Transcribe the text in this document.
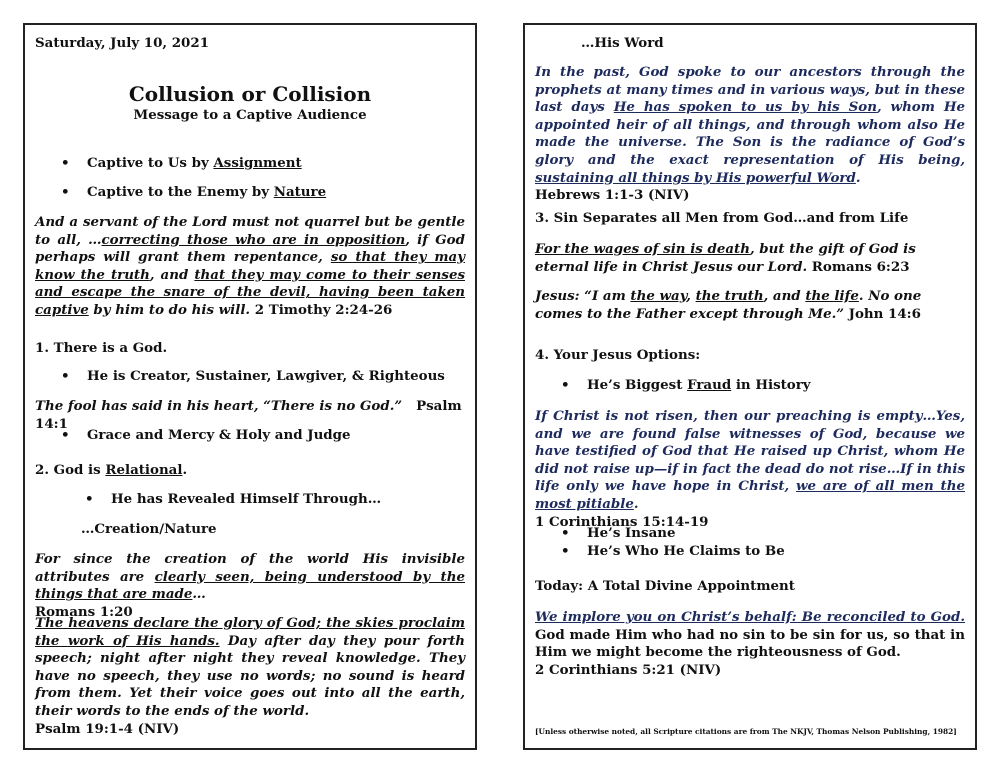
Saturday, July 10, 2021
Collusion or Collision
Message to a Captive Audience
• Captive to Us by Assignment
• Captive to the Enemy by Nature
And a servant of the Lord must not quarrel but be gentle to all, …correcting those who are in opposition, if God perhaps will grant them repentance, so that they may know the truth, and that they may come to their senses and escape the snare of the devil, having been taken captive by him to do his will. 2 Timothy 2:24-26
1. There is a God.
• He is Creator, Sustainer, Lawgiver, & Righteous
The fool has said in his heart, “There is no God.” Psalm 14:1
• Grace and Mercy & Holy and Judge
2. God is Relational.
• He has Revealed Himself Through…
…Creation/Nature
For since the creation of the world His invisible attributes are clearly seen, being understood by the things that are made…
Romans 1:20
The heavens declare the glory of God; the skies proclaim the work of His hands. Day after day they pour forth speech; night after night they reveal knowledge. They have no speech, they use no words; no sound is heard from them. Yet their voice goes out into all the earth, their words to the ends of the world.
Psalm 19:1-4 (NIV)
…His Word
In the past, God spoke to our ancestors through the prophets at many times and in various ways, but in these last days He has spoken to us by his Son, whom He appointed heir of all things, and through whom also He made the universe. The Son is the radiance of God’s glory and the exact representation of His being, sustaining all things by His powerful Word.
Hebrews 1:1-3 (NIV)
3. Sin Separates all Men from God…and from Life
For the wages of sin is death, but the gift of God is eternal life in Christ Jesus our Lord. Romans 6:23
Jesus: “I am the way, the truth, and the life. No one comes to the Father except through Me.” John 14:6
4. Your Jesus Options:
• He’s Biggest Fraud in History
If Christ is not risen, then our preaching is empty…Yes, and we are found false witnesses of God, because we have testified of God that He raised up Christ, whom He did not raise up—if in fact the dead do not rise…If in this life only we have hope in Christ, we are of all men the most pitiable.
1 Corinthians 15:14-19
• He’s Insane
• He’s Who He Claims to Be
Today: A Total Divine Appointment
We implore you on Christ’s behalf: Be reconciled to God. God made Him who had no sin to be sin for us, so that in Him we might become the righteousness of God.
2 Corinthians 5:21 (NIV)
[Unless otherwise noted, all Scripture citations are from The NKJV, Thomas Nelson Publishing, 1982]
